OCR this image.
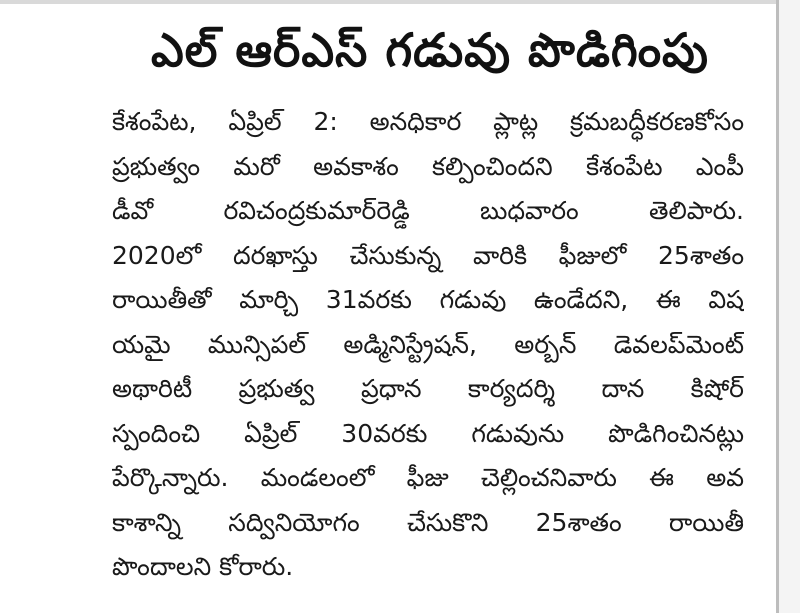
ఎల్ ఆర్ఎస్ గడువు పొడిగింపు
కేశంపేట, ఏప్రిల్ 2: అనధికార ప్లాట్ల క్రమబద్ధీకరణకోసం
ప్రభుత్వం మరో అవకాశం కల్పించిందని కేశంపేట ఎంపీ
డీవో రవిచంద్రకుమార్‌రెడ్డి బుధవారం తెలిపారు.
2020లో దరఖాస్తు చేసుకున్న వారికి ఫీజులో 25శాతం
రాయితీతో మార్చి 31వరకు గడువు ఉండేదని, ఈ విష
యమై మున్సిపల్ అడ్మినిస్ట్రేషన్, అర్బన్ డెవలప్‌మెంట్
అథారిటీ ప్రభుత్వ ప్రధాన కార్యదర్శి దాన కిషోర్
స్పందించి ఏప్రిల్ 30వరకు గడువును పొడిగించినట్లు
పేర్కొన్నారు. మండలంలో ఫీజు చెల్లించనివారు ఈ అవ
కాశాన్ని సద్వినియోగం చేసుకొని 25శాతం రాయితీ
పొందాలని కోరారు.
